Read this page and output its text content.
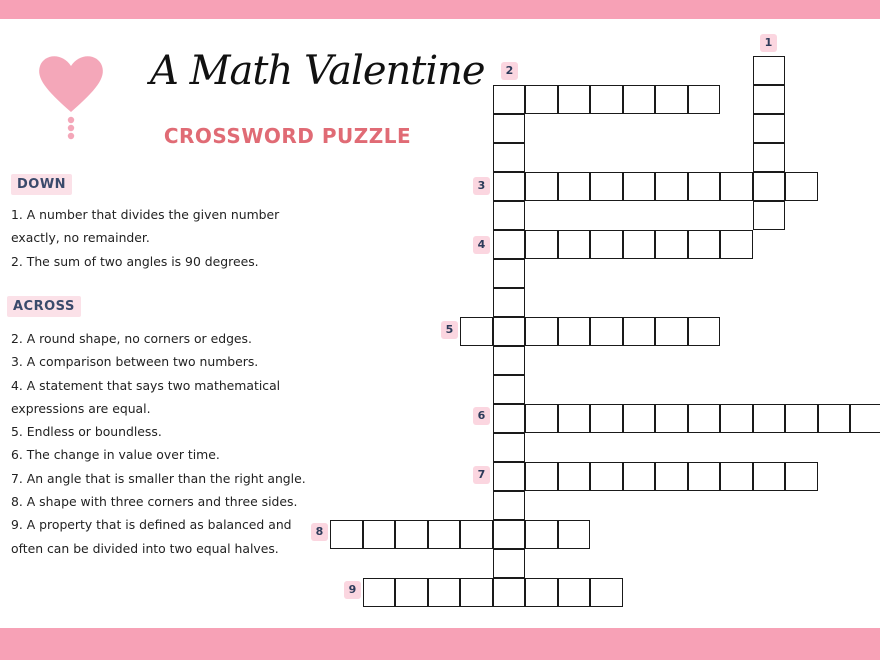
A Math Valentine
CROSSWORD PUZZLE
DOWN

1. A number that divides the given number

exactly, no remainder.

2. The sum of two angles is 90 degrees.

ACROSS

2. A round shape, no corners or edges.

3. A comparison between two numbers.

4. A statement that says two mathematical

expressions are equal.

5. Endless or boundless.

6. The change in value over time.

7. An angle that is smaller than the right angle.

8. A shape with three corners and three sides.

9. A property that is defined as balanced and

often can be divided into two equal halves.

1
2
3
4
5
6
7
8
9
